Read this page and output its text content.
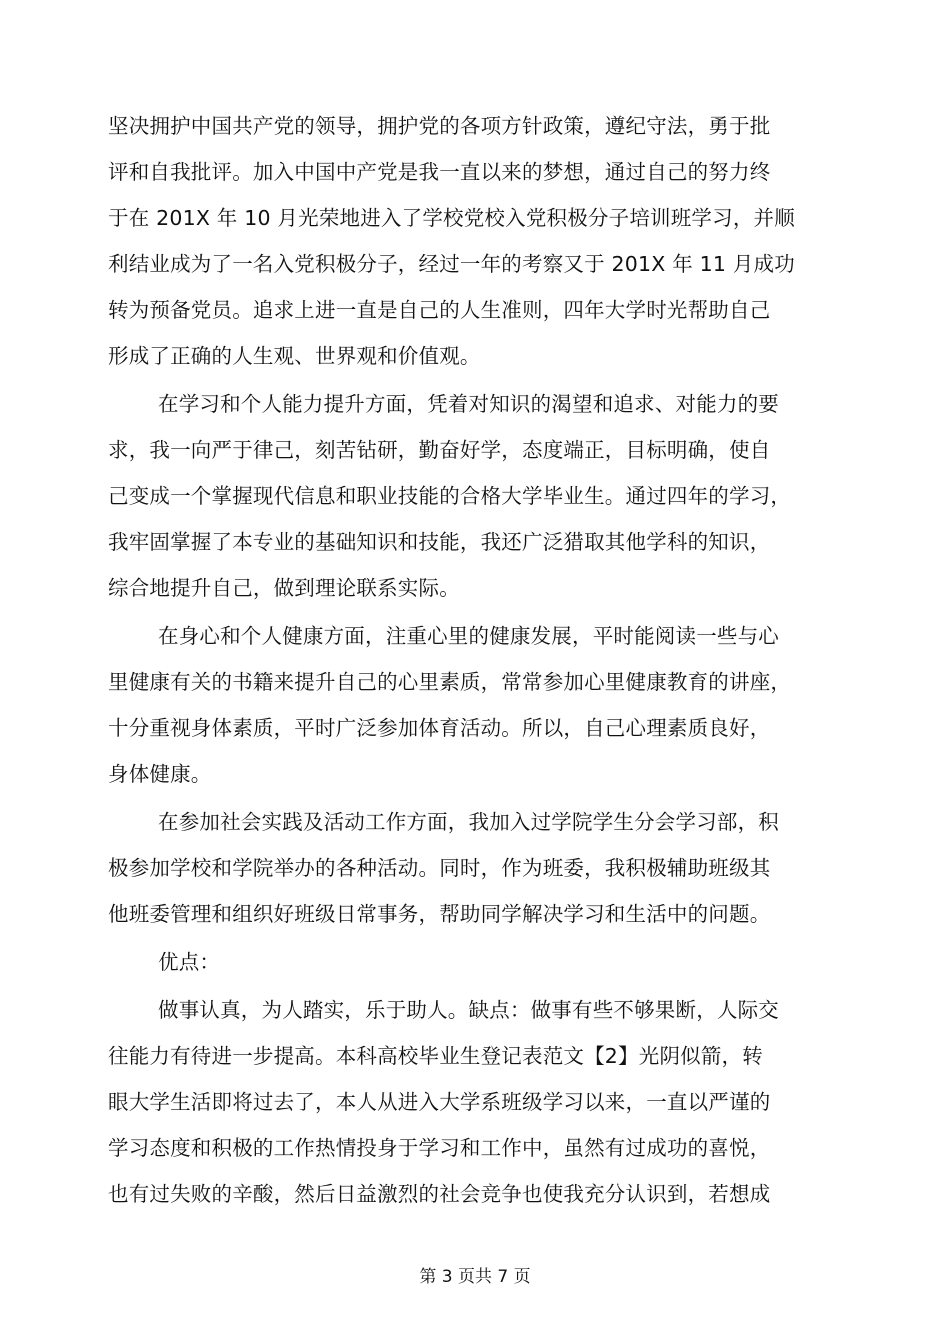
坚决拥护中国共产党的领导，拥护党的各项方针政策，遵纪守法，勇于批
评和自我批评。加入中国中产党是我一直以来的梦想，通过自己的努力终
于在 201X 年 10 月光荣地进入了学校党校入党积极分子培训班学习，并顺
利结业成为了一名入党积极分子，经过一年的考察又于 201X 年 11 月成功
转为预备党员。追求上进一直是自己的人生准则，四年大学时光帮助自己
形成了正确的人生观、世界观和价值观。
在学习和个人能力提升方面，凭着对知识的渴望和追求、对能力的要
求，我一向严于律己，刻苦钻研，勤奋好学，态度端正，目标明确，使自
己变成一个掌握现代信息和职业技能的合格大学毕业生。通过四年的学习，
我牢固掌握了本专业的基础知识和技能，我还广泛猎取其他学科的知识，
综合地提升自己，做到理论联系实际。
在身心和个人健康方面，注重心里的健康发展，平时能阅读一些与心
里健康有关的书籍来提升自己的心里素质，常常参加心里健康教育的讲座，
十分重视身体素质，平时广泛参加体育活动。所以，自己心理素质良好，
身体健康。
在参加社会实践及活动工作方面，我加入过学院学生分会学习部，积
极参加学校和学院举办的各种活动。同时，作为班委，我积极辅助班级其
他班委管理和组织好班级日常事务，帮助同学解决学习和生活中的问题。
优点：
做事认真，为人踏实，乐于助人。缺点：做事有些不够果断，人际交
往能力有待进一步提高。本科高校毕业生登记表范文【2】光阴似箭，转
眼大学生活即将过去了，本人从进入大学系班级学习以来，一直以严谨的
学习态度和积极的工作热情投身于学习和工作中，虽然有过成功的喜悦，
也有过失败的辛酸，然后日益激烈的社会竞争也使我充分认识到，若想成
第 3 页共 7 页
